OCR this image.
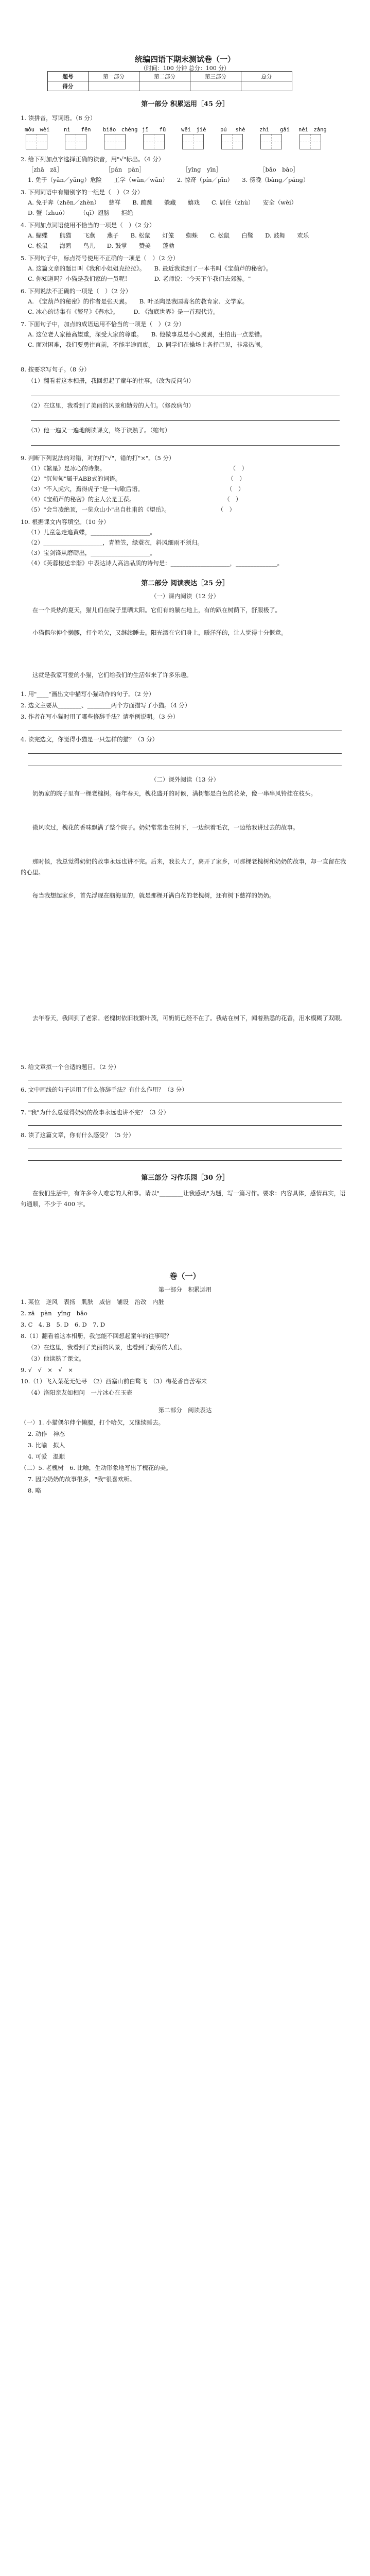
统编四语下期末测试卷（一）
（时间：100 分钟 总分：100 分）
题号	第一部分	第二部分	第三部分	总分
得分				
第一部分 积累运用［45 分］
1. 读拼音，写词语。（8 分）
mǒu　wèi	nì　　fēn biǎo　chéng jī　　fū	wēi　jiè	pú　 shè	zhì　　gǎi nèi　zǎng
2. 给下列加点字选择正确的读音，用"√"标出。（4 分）
［zhā　zā］	［pán　pàn］	［yǐng　yīn］	［bǎo　bào］
1. 免于（yǎn／yǎng）危险　　工学（wǎn／wān）　　2. 惊奇（pín／pīn）　　3. 傍晚（bàng／páng）
3. 下列词语中有错别字的一组是（　）（2 分）
A. 免于奔（zhēn／zhèn）　　慈祥　　B. 蹦跳　　躲藏　　嬉戏　　C. 居住（zhù）　　安全（wèi）
D. 蟹（zhuó）　　　（qī）翅膀　　拒绝
4. 下列加点词语使用不恰当的一项是（　）（2 分）
A. 蝴蝶　　熊猫　　飞燕　　燕子　　B. 松鼠　　灯笼　　蜘蛛　　C. 松鼠　　白鹭　　D. 鼓舞　　欢乐
C. 松鼠　　海鸥　　鸟儿　　D. 鼓掌　　赞美　　蓬勃
5. 下列句子中，标点符号使用不正确的一项是（　）（2 分）
A. 这篇文章的题目叫《我和小姐姐克拉拉》。　　B. 最近我读到了一本书叫《宝葫芦的秘密》。
C. 你知道吗？小猫是我们家的一员呢！　　　　D. 老师说："今天下午我们去郊游。"
6. 下列说法不正确的一项是（　）（2 分）
A. 《宝葫芦的秘密》的作者是张天翼。　　B. 叶圣陶是我国著名的教育家、文学家。
C. 冰心的诗集有《繁星》《春水》。　　　D. 《海底世界》是一首现代诗。
7. 下面句子中，加点的成语运用不恰当的一项是（　）（2 分）
A. 这位老人家德高望重，深受大家的尊重。　　B. 他做事总是小心翼翼，生怕出一点差错。
C. 面对困难，我们要勇往直前，不能半途而废。　D. 同学们在操场上各抒己见，非常热闹。
8. 按要求写句子。（8 分）
（1）翻看着这本相册，我回想起了童年的往事。（改为反问句）
（2）在这里，我看到了美丽的风景和勤劳的人们。（修改病句）
（3）他一遍又一遍地朗读课文，终于读熟了。（缩句）
9. 判断下列说法的对错，对的打"√"，错的打"×"。（5 分）
（1）《繁星》是冰心的诗集。　　　　　　　　　　　　　　　　　　　　　　（　）
（2）"沉甸甸"属于ABB式的词语。　　　　　　　　　　　　　　　　　　　（　）
（3）"不入虎穴，焉得虎子"是一句歇后语。　　　　　　　　　　　　　　　（　）
（4）《宝葫芦的秘密》的主人公是王葆。　　　　　　　　　　　　　　　　（　）
（5）"会当凌绝顶，一览众山小"出自杜甫的《望岳》。　　　　　　　　　（　）
10. 根据课文内容填空。（10 分）
（1）儿童急走追黄蝶，____________________。
（2）____________________，青箬笠，绿蓑衣，斜风细雨不须归。
（3）宝剑锋从磨砺出，____________________。
（4）《芙蓉楼送辛渐》中表达诗人高洁品质的诗句是：____________________，______________。
第二部分 阅读表达［25 分］
（一）课内阅读（12 分）
在一个炎热的夏天，猫儿们在院子里晒太阳。它们有的躺在地上，有的趴在树荫下，舒服极了。
小猫偶尔伸个懒腰，打个哈欠，又继续睡去。阳光洒在它们身上，暖洋洋的，让人觉得十分惬意。
这就是我家可爱的小猫，它们给我们的生活带来了许多乐趣。
1. 用"____"画出文中描写小猫动作的句子。（2 分）
2. 选文主要从________、________两个方面描写了小猫。（4 分）
3. 作者在写小猫时用了哪些修辞手法？请举例说明。（3 分）
4. 读完选文，你觉得小猫是一只怎样的猫？（3 分）
（二）课外阅读（13 分）
奶奶家的院子里有一棵老槐树。每年春天，槐花盛开的时候，满树都是白色的花朵，像一串串风铃挂在枝头。
微风吹过，槐花的香味飘满了整个院子。奶奶常常坐在树下，一边织着毛衣，一边给我讲过去的故事。
那时候，我总觉得奶奶的故事永远也讲不完。后来，我长大了，离开了家乡，可那棵老槐树和奶奶的故事，却一直留在我的心里。
每当我想起家乡，首先浮现在脑海里的，就是那棵开满白花的老槐树，还有树下慈祥的奶奶。
去年春天，我回到了老家。老槐树依旧枝繁叶茂，可奶奶已经不在了。我站在树下，闻着熟悉的花香，泪水模糊了双眼。
5. 给文章拟一个合适的题目。（2 分）
6. 文中画线的句子运用了什么修辞手法？有什么作用？（3 分）
7. "我"为什么总觉得奶奶的故事永远也讲不完？（3 分）
8. 读了这篇文章，你有什么感受？（5 分）
第三部分 习作乐园［30 分］
在我们生活中，有许多令人难忘的人和事。请以"________让我感动"为题，写一篇习作。要求：内容具体，感情真实，语句通顺，不少于 400 字。
卷（一）
第一部分　积累运用
1. 某位　逆风　表扬　肌肤　威信　铺设　治改　内脏
2. zā　pàn　yǐng　bǎo
3. C　4. B　5. D　6. D　7. D
8.（1）翻看着这本相册，我怎能不回想起童年的往事呢？
（2）在这里，我看到了美丽的风景，也看到了勤劳的人们。
（3）他读熟了课文。
9. √　√　×　√　×
10.（1）飞入菜花无处寻　（2）西塞山前白鹭飞　（3）梅花香自苦寒来
（4）洛阳亲友如相问　一片冰心在玉壶
第二部分　阅读表达
（一）1. 小猫偶尔伸个懒腰，打个哈欠，又继续睡去。
2. 动作　神态
3. 比喻　拟人
4. 可爱　温顺
（二）5. 老槐树　6. 比喻，生动形象地写出了槐花的美。
7. 因为奶奶的故事很多，"我"很喜欢听。
8. 略
